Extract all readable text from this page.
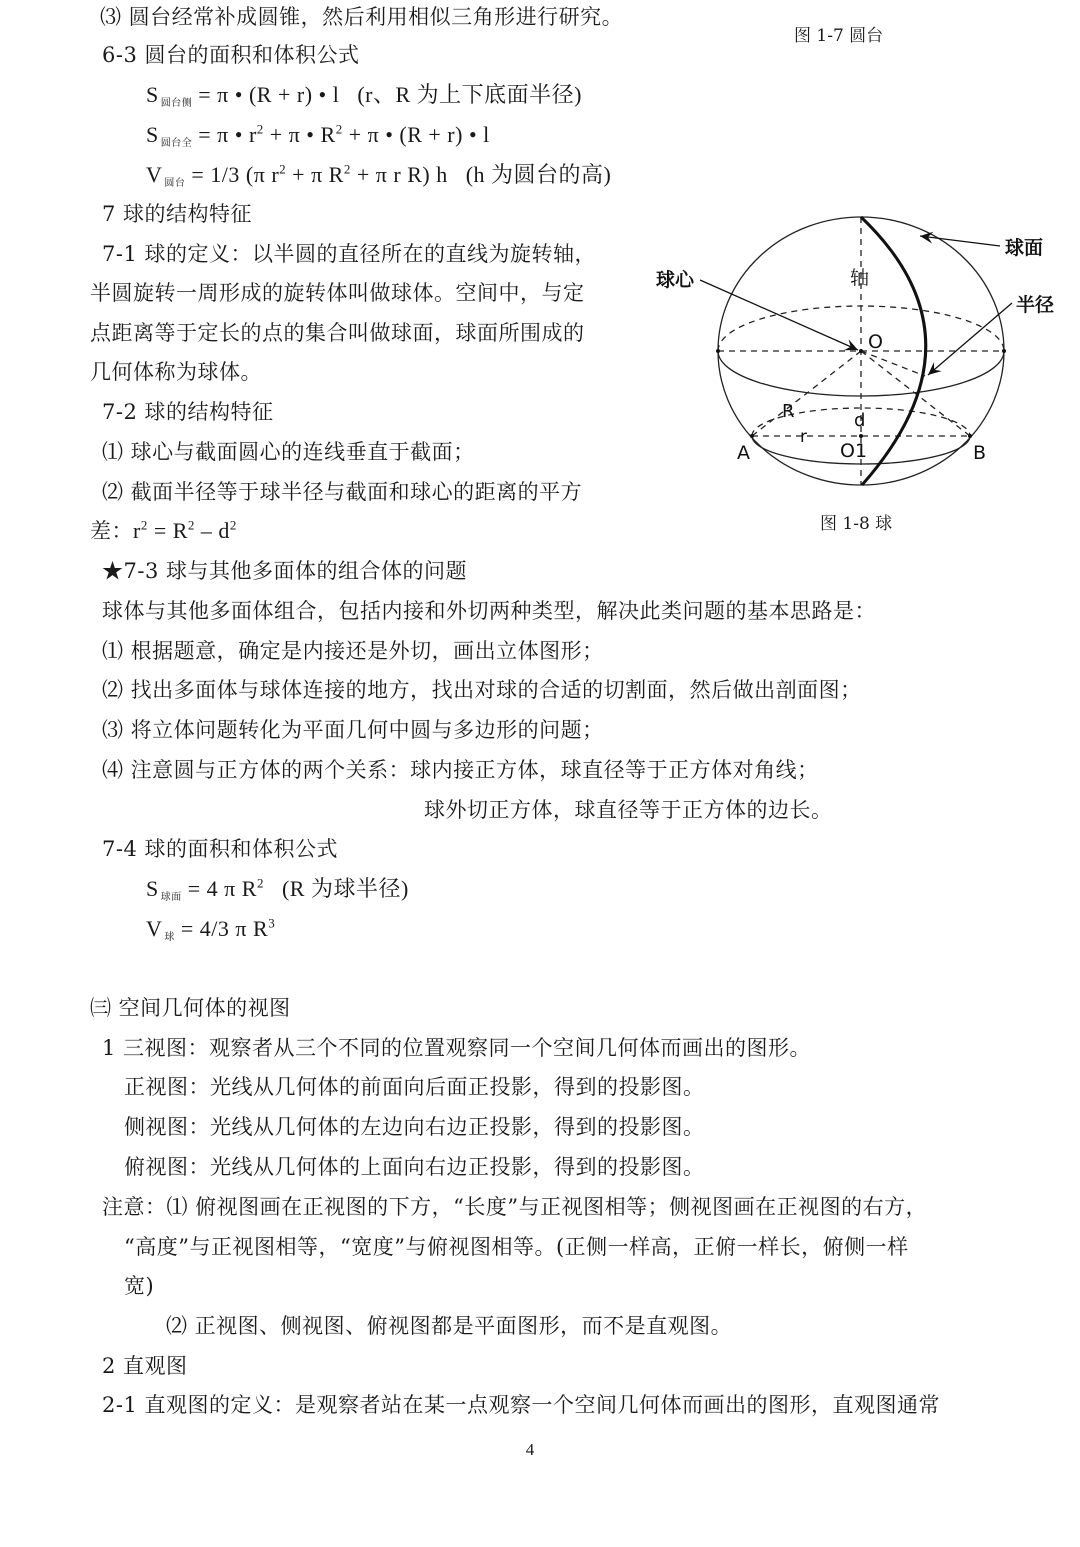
⑶ 圆台经常补成圆锥，然后利用相似三角形进行研究。
图 1-7 圆台
6-3 圆台的面积和体积公式
S $_{圆台侧}$ = π • (R + r) • l (r、R 为上下底面半径)
S $_{圆台全}$ = π • $r^2 + \pi$ • $R^2 + \pi$ • (R + r) • l
V $_{圆台}$ = 1/3 (π $r^2 + \pi$ $R^2 + \pi$ r R) h (h 为圆台的高)
7 球的结构特征
7-1 球的定义：以半圆的直径所在的直线为旋转轴，
半圆旋转一周形成的旋转体叫做球体。空间中，与定
点距离等于定长的点的集合叫做球面，球面所围成的
几何体称为球体。
7-2 球的结构特征
⑴ 球心与截面圆心的连线垂直于截面；
⑵ 截面半径等于球半径与截面和球心的距离的平方
差：$r^2 = R^2 - d^2$
球面
球心	轴
半径
O
O1
A	B
R
r
d
图 1-8 球
★7-3 球与其他多面体的组合体的问题
球体与其他多面体组合，包括内接和外切两种类型，解决此类问题的基本思路是：
⑴ 根据题意，确定是内接还是外切，画出立体图形；
⑵ 找出多面体与球体连接的地方，找出对球的合适的切割面，然后做出剖面图；
⑶ 将立体问题转化为平面几何中圆与多边形的问题；
⑷ 注意圆与正方体的两个关系：球内接正方体，球直径等于正方体对角线；
球外切正方体，球直径等于正方体的边长。
7-4 球的面积和体积公式
S $_{球面}$ = 4 π $R^2$ (R 为球半径)
V $_球$ = 4/3 π $R^3$
㈢ 空间几何体的视图
1 三视图：观察者从三个不同的位置观察同一个空间几何体而画出的图形。
正视图：光线从几何体的前面向后面正投影，得到的投影图。
侧视图：光线从几何体的左边向右边正投影，得到的投影图。
俯视图：光线从几何体的上面向右边正投影，得到的投影图。
注意：⑴ 俯视图画在正视图的下方，“长度”与正视图相等；侧视图画在正视图的右方，
“高度”与正视图相等，“宽度”与俯视图相等。(正侧一样高，正俯一样长，俯侧一样
宽)
⑵ 正视图、侧视图、俯视图都是平面图形，而不是直观图。
2 直观图
2-1 直观图的定义：是观察者站在某一点观察一个空间几何体而画出的图形，直观图通常
4
